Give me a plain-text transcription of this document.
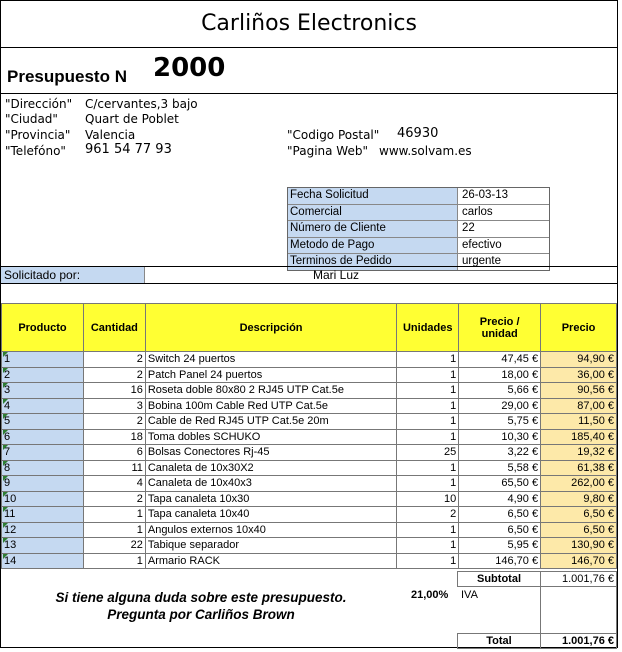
Carliños Electronics
Presupuesto N 2000
"Dirección" C/cervantes,3 bajo
"Ciudad" Quart de Poblet
"Provincia" Valencia
"Telefóno" 961 54 77 93
"Codigo Postal" 46930
"Pagina Web" www.solvam.es
Fecha Solicitud	26-03-13
Comercial	carlos
Número de Cliente	22
Metodo de Pago	efectivo
Terminos de Pedido	urgente
Solicitado por:	Mari Luz
Producto	Cantidad	Descripción	Unidades	Precio / unidad	Precio
1	2	Switch 24 puertos	1	47,45 €	94,90 €
2	2	Patch Panel 24 puertos	1	18,00 €	36,00 €
3	16	Roseta doble 80x80 2 RJ45 UTP Cat.5e	1	5,66 €	90,56 €
4	3	Bobina 100m Cable Red UTP Cat.5e	1	29,00 €	87,00 €
5	2	Cable de Red RJ45 UTP Cat.5e 20m	1	5,75 €	11,50 €
6	18	Toma dobles SCHUKO	1	10,30 €	185,40 €
7	6	Bolsas Conectores Rj-45	25	3,22 €	19,32 €
8	11	Canaleta de 10x30X2	1	5,58 €	61,38 €
9	4	Canaleta de 10x40x3	1	65,50 €	262,00 €
10	2	Tapa canaleta 10x30	10	4,90 €	9,80 €
11	1	Tapa canaleta 10x40	2	6,50 €	6,50 €
12	1	Angulos externos 10x40	1	6,50 €	6,50 €
13	22	Tabique separador	1	5,95 €	130,90 €
14	1	Armario RACK	1	146,70 €	146,70 €
Subtotal	1.001,76 €
21,00% IVA
Total	1.001,76 €
Si tiene alguna duda sobre este presupuesto.
Pregunta por Carliños Brown
